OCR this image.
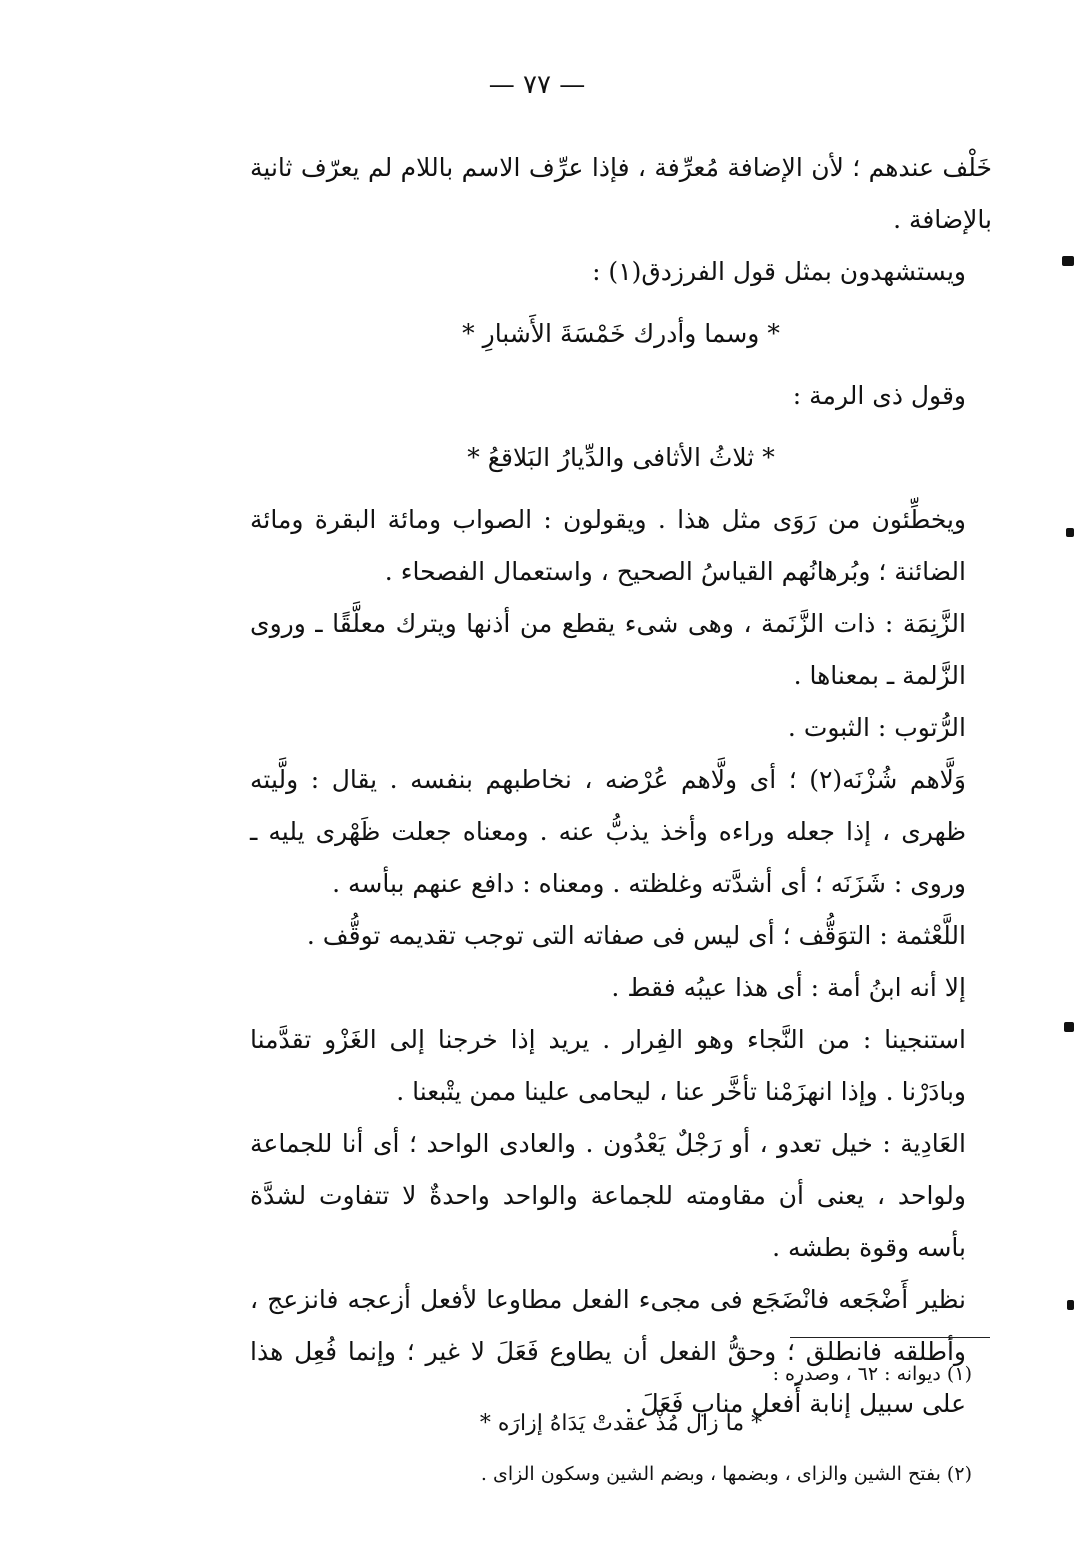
— ٧٧ —

خَلْف عندهم ؛ لأن الإضافة مُعرِّفة ، فإذا عرِّف الاسم باللام لم يعرّف ثانية بالإضافة .

ويستشهدون بمثل قول الفرزدق(١) :

* وسما وأدرك خَمْسَةَ الأَشبارِ *

وقول ذى الرمة :

* ثلاثُ الأثافى والدِّيارُ البَلاقعُ *

ويخطِّئون من رَوَى مثل هذا . ويقولون : الصواب ومائة البقرة ومائة الضائنة ؛ وبُرهانُهم القياسُ الصحيح ، واستعمال الفصحاء .

الزَّنِمَة : ذات الزَّنَمة ، وهى شىء يقطع من أذنها ويترك معلَّقًا ـ وروى الزَّلمة ـ بمعناها .

الرُّتوب : الثبوت .

وَلَّاهم شُزْنَه(٢) ؛ أى ولَّاهم عُرْضه ، نخاطبهم بنفسه . يقال : ولَّيته ظهرى ، إذا جعله وراءه وأخذ يذبُّ عنه . ومعناه جعلت ظَهْرى يليه ـ وروى : شَزَنَه ؛ أى أشدَّته وغلظته . ومعناه : دافع عنهم ببأسه .

اللَّعْثمة : التوَقُّف ؛ أى ليس فى صفاته التى توجب تقديمه توقُّف .

إلا أنه ابنُ أمة : أى هذا عيبُه فقط .

استنجينا : من النَّجاء وهو الفِرار . يريد إذا خرجنا إلى الغَزْو تقدَّمنا وبادَرْنا . وإذا انهزَمْنا تأخَّر عنا ، ليحامى علينا ممن يتْبعنا .

العَادِية : خيل تعدو ، أو رَجْلٌ يَعْدُون . والعادى الواحد ؛ أى أنا للجماعة ولواحد ، يعنى أن مقاومته للجماعة والواحد واحدةٌ لا تتفاوت لشدَّة بأسه وقوة بطشه .

نظير أَضْجَعه فانْضَجَع فى مجىء الفعل مطاوعا لأفعل أزعجه فانزعج ، وأطلقه فانطلق ؛ وحقُّ الفعل أن يطاوع فَعَلَ لا غير ؛ وإنما فُعِل هذا على سبيل إنابة أَفعل مناب فَعَلَ .

(١) ديوانه : ٦٢ ، وصدره :

* ما زال مُذْ عقدتْ يَدَاهُ إزارَه *

(٢) بفتح الشين والزاى ، وبضمها ، وبضم الشين وسكون الزاى .
